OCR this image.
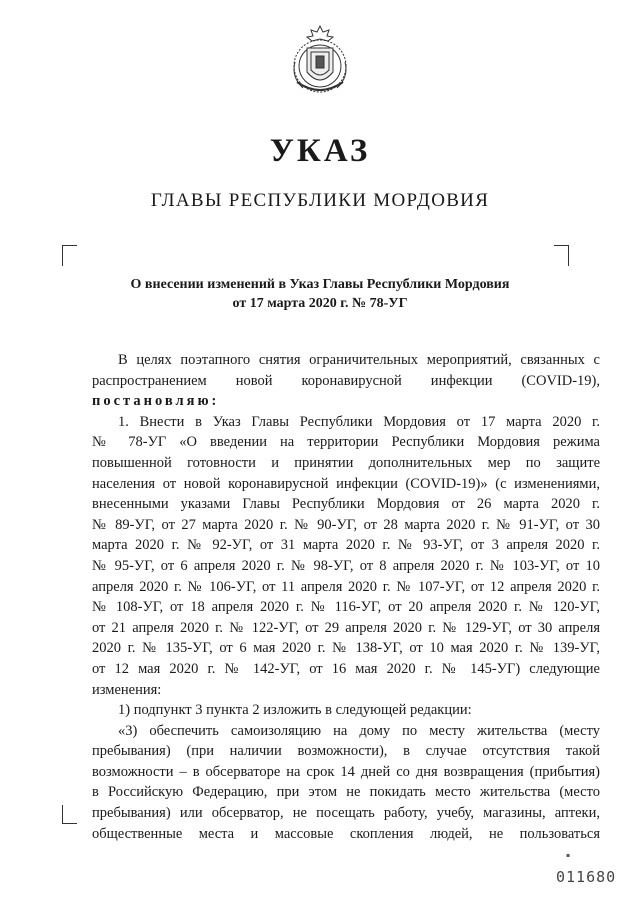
УКАЗ
ГЛАВЫ РЕСПУБЛИКИ МОРДОВИЯ
О внесении изменений в Указ Главы Республики Мордовия
от 17 марта 2020 г. № 78-УГ
В целях поэтапного снятия ограничительных мероприятий, связанных с
распространением новой коронавирусной инфекции (COVID-19),
постановляю:
1. Внести в Указ Главы Республики Мордовия от 17 марта 2020 г.
№ 78-УГ «О введении на территории Республики Мордовия режима
повышенной готовности и принятии дополнительных мер по защите
населения от новой коронавирусной инфекции (COVID-19)» (с изменениями,
внесенными указами Главы Республики Мордовия от 26 марта 2020 г.
№ 89-УГ, от 27 марта 2020 г. № 90-УГ, от 28 марта 2020 г. № 91-УГ, от 30
марта 2020 г. № 92-УГ, от 31 марта 2020 г. № 93-УГ, от 3 апреля 2020 г.
№ 95-УГ, от 6 апреля 2020 г. № 98-УГ, от 8 апреля 2020 г. № 103-УГ, от 10
апреля 2020 г. № 106-УГ, от 11 апреля 2020 г. № 107-УГ, от 12 апреля 2020 г.
№ 108-УГ, от 18 апреля 2020 г. № 116-УГ, от 20 апреля 2020 г. № 120-УГ,
от 21 апреля 2020 г. № 122-УГ, от 29 апреля 2020 г. № 129-УГ, от 30 апреля
2020 г. № 135-УГ, от 6 мая 2020 г. № 138-УГ, от 10 мая 2020 г. № 139-УГ,
от 12 мая 2020 г. № 142-УГ, от 16 мая 2020 г. № 145-УГ) следующие
изменения:
1) подпункт 3 пункта 2 изложить в следующей редакции:
«3) обеспечить самоизоляцию на дому по месту жительства (месту
пребывания) (при наличии возможности), в случае отсутствия такой
возможности – в обсерваторе на срок 14 дней со дня возвращения (прибытия)
в Российскую Федерацию, при этом не покидать место жительства (место
пребывания) или обсерватор, не посещать работу, учебу, магазины, аптеки,
общественные места и массовые скопления людей, не пользоваться
▪
011680
